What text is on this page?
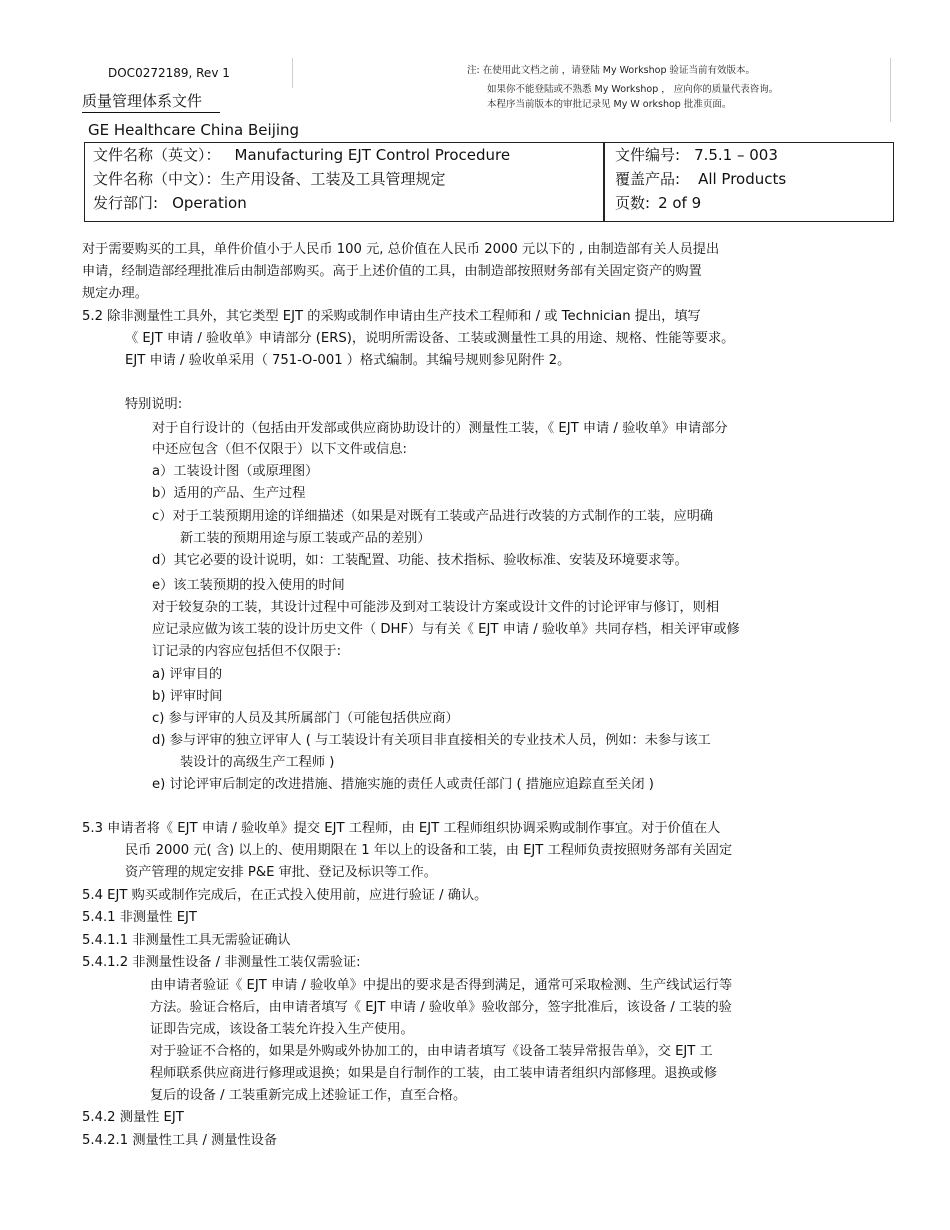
DOC0272189, Rev 1	注: 在使用此文档之前 ，请登陆 My Workshop 验证当前有效版本。
如果你不能登陆或不熟悉 My Workshop ， 应向你的质量代表咨询。
本程序当前版本的审批记录见 My W orkshop 批准页面。
质量管理体系文件
GE Healthcare China Beijing
文件名称（英文）： Manufacturing EJT Control Procedure
文件名称（中文）：生产用设备、工装及工具管理规定
发行部门: Operation
文件编号: 7.5.1 – 003
覆盖产品: All Products
页数: 2 of 9
对于需要购买的工具，单件价值小于人民币 100 元, 总价值在人民币 2000 元以下的 , 由制造部有关人员提出
申请，经制造部经理批准后由制造部购买。高于上述价值的工具，由制造部按照财务部有关固定资产的购置
规定办理。
5.2 除非测量性工具外，其它类型 EJT 的采购或制作申请由生产技术工程师和 / 或 Technician 提出，填写
《 EJT 申请 / 验收单》申请部分 (ERS)，说明所需设备、工装或测量性工具的用途、规格、性能等要求。
EJT 申请 / 验收单采用（ 751-O-001 ）格式编制。其编号规则参见附件 2。
特别说明:
对于自行设计的（包括由开发部或供应商协助设计的）测量性工装，《 EJT 申请 / 验收单》申请部分
中还应包含（但不仅限于）以下文件或信息:
a）工装设计图（或原理图）
b）适用的产品、生产过程
c）对于工装预期用途的详细描述（如果是对既有工装或产品进行改装的方式制作的工装，应明确
新工装的预期用途与原工装或产品的差别）
d）其它必要的设计说明，如：工装配置、功能、技术指标、验收标准、安装及环境要求等。
e）该工装预期的投入使用的时间
对于较复杂的工装，其设计过程中可能涉及到对工装设计方案或设计文件的讨论评审与修订，则相
应记录应做为该工装的设计历史文件（ DHF）与有关《 EJT 申请 / 验收单》共同存档，相关评审或修
订记录的内容应包括但不仅限于:
a) 评审目的
b) 评审时间
c) 参与评审的人员及其所属部门（可能包括供应商）
d) 参与评审的独立评审人 ( 与工装设计有关项目非直接相关的专业技术人员，例如：未参与该工
装设计的高级生产工程师 )
e) 讨论评审后制定的改进措施、措施实施的责任人或责任部门 ( 措施应追踪直至关闭 )
5.3 申请者将《 EJT 申请 / 验收单》提交 EJT 工程师，由 EJT 工程师组织协调采购或制作事宜。对于价值在人
民币 2000 元( 含) 以上的、使用期限在 1 年以上的设备和工装，由 EJT 工程师负责按照财务部有关固定
资产管理的规定安排 P&E 审批、登记及标识等工作。
5.4 EJT 购买或制作完成后，在正式投入使用前，应进行验证 / 确认。
5.4.1 非测量性 EJT
5.4.1.1 非测量性工具无需验证确认
5.4.1.2 非测量性设备 / 非测量性工装仅需验证:
由申请者验证《 EJT 申请 / 验收单》中提出的要求是否得到满足，通常可采取检测、生产线试运行等
方法。验证合格后，由申请者填写《 EJT 申请 / 验收单》验收部分，签字批准后，该设备 / 工装的验
证即告完成，该设备工装允许投入生产使用。
对于验证不合格的，如果是外购或外协加工的，由申请者填写《设备工装异常报告单》，交 EJT 工
程师联系供应商进行修理或退换；如果是自行制作的工装，由工装申请者组织内部修理。退换或修
复后的设备 / 工装重新完成上述验证工作，直至合格。
5.4.2 测量性 EJT
5.4.2.1 测量性工具 / 测量性设备
